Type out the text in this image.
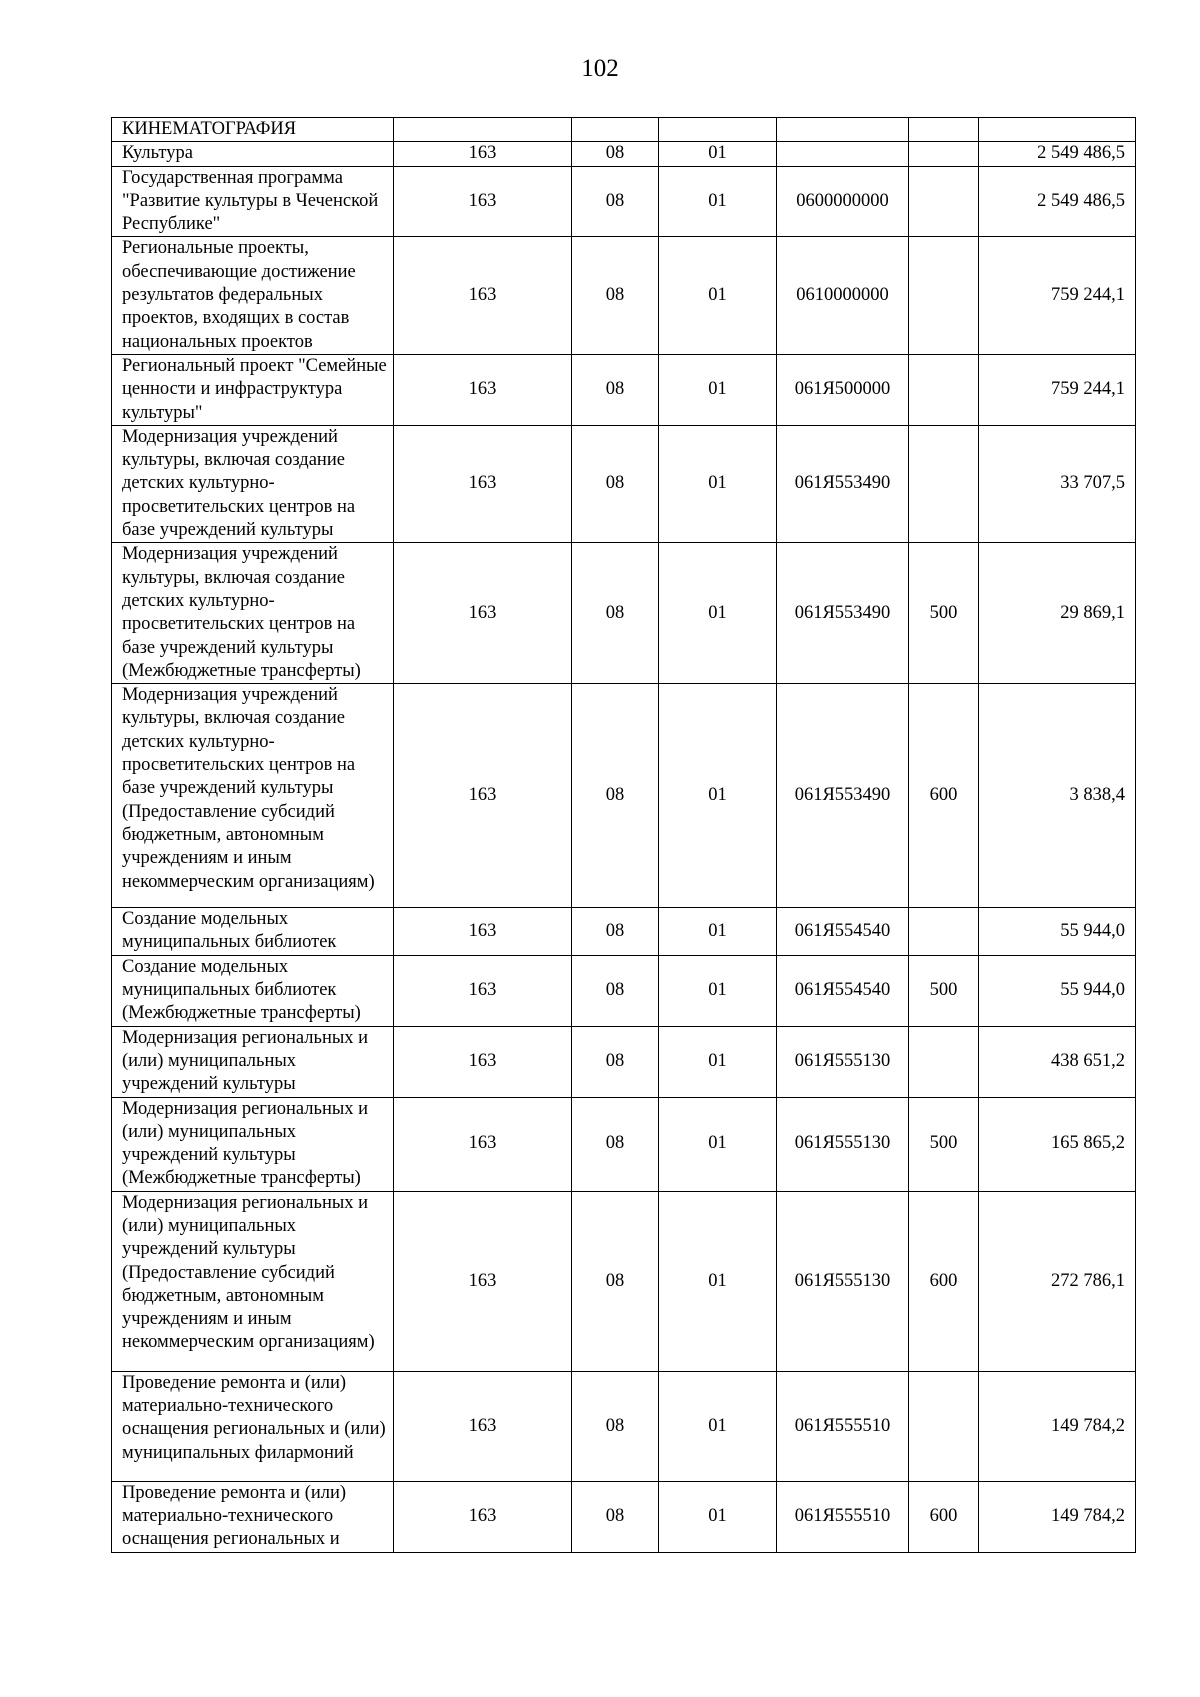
102
КИНЕМАТОГРАФИЯ						
Культура	163	08	01			2 549 486,5
Государственная программа "Развитие культуры в Чеченской Республике"	163	08	01	0600000000		2 549 486,5
Региональные проекты, обеспечивающие достижение результатов федеральных проектов, входящих в состав национальных проектов	163	08	01	0610000000		759 244,1
Региональный проект "Семейные ценности и инфраструктура культуры"	163	08	01	061Я500000		759 244,1
Модернизация учреждений культуры, включая создание детских культурно-просветительских центров на базе учреждений культуры	163	08	01	061Я553490		33 707,5
Модернизация учреждений культуры, включая создание детских культурно-просветительских центров на базе учреждений культуры (Межбюджетные трансферты)	163	08	01	061Я553490	500	29 869,1
Модернизация учреждений культуры, включая создание детских культурно-просветительских центров на базе учреждений культуры (Предоставление субсидий бюджетным, автономным учреждениям и иным некоммерческим организациям)	163	08	01	061Я553490	600	3 838,4
Создание модельных муниципальных библиотек	163	08	01	061Я554540		55 944,0
Создание модельных муниципальных библиотек (Межбюджетные трансферты)	163	08	01	061Я554540	500	55 944,0
Модернизация региональных и (или) муниципальных учреждений культуры	163	08	01	061Я555130		438 651,2
Модернизация региональных и (или) муниципальных учреждений культуры (Межбюджетные трансферты)	163	08	01	061Я555130	500	165 865,2
Модернизация региональных и (или) муниципальных учреждений культуры (Предоставление субсидий бюджетным, автономным учреждениям и иным некоммерческим организациям)	163	08	01	061Я555130	600	272 786,1
Проведение ремонта и (или) материально-технического оснащения региональных и (или) муниципальных филармоний	163	08	01	061Я555510		149 784,2
Проведение ремонта и (или) материально-технического оснащения региональных и	163	08	01	061Я555510	600	149 784,2
